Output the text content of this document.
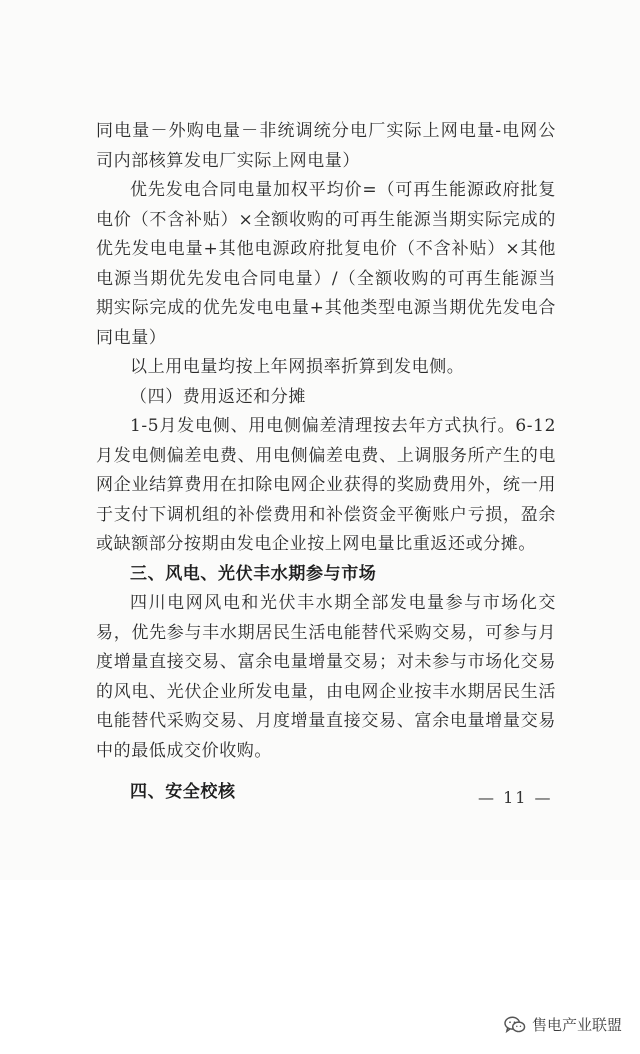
同电量－外购电量－非统调统分电厂实际上网电量-电网公司内部核算发电厂实际上网电量）

优先发电合同电量加权平均价=（可再生能源政府批复电价（不含补贴）×全额收购的可再生能源当期实际完成的优先发电电量+其他电源政府批复电价（不含补贴）×其他电源当期优先发电合同电量）/（全额收购的可再生能源当期实际完成的优先发电电量+其他类型电源当期优先发电合同电量）

以上用电量均按上年网损率折算到发电侧。

（四）费用返还和分摊

1-5月发电侧、用电侧偏差清理按去年方式执行。6-12月发电侧偏差电费、用电侧偏差电费、上调服务所产生的电网企业结算费用在扣除电网企业获得的奖励费用外，统一用于支付下调机组的补偿费用和补偿资金平衡账户亏损，盈余或缺额部分按期由发电企业按上网电量比重返还或分摊。

三、风电、光伏丰水期参与市场

四川电网风电和光伏丰水期全部发电量参与市场化交易，优先参与丰水期居民生活电能替代采购交易，可参与月度增量直接交易、富余电量增量交易；对未参与市场化交易的风电、光伏企业所发电量，由电网企业按丰水期居民生活电能替代采购交易、月度增量直接交易、富余电量增量交易中的最低成交价收购。

四、安全校核	— 11 —
售电产业联盟
